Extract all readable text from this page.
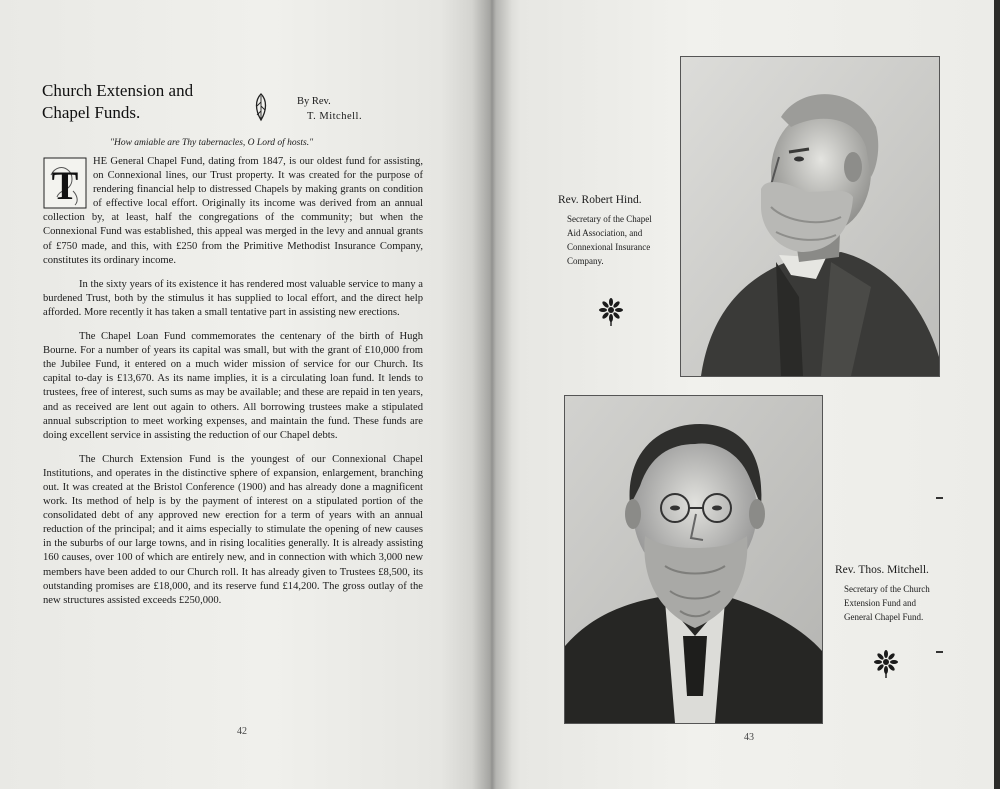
Church Extension and
Chapel Funds.
By Rev.
T. Mitchell.
"How amiable are Thy tabernacles, O Lord of hosts."

T
HE General Chapel Fund, dating from 1847, is our oldest fund for assisting, on Connexional lines, our Trust property. It was created for the purpose of rendering financial help to distressed Chapels by making grants on condition of effective local effort. Originally its income was derived from an annual collection by, at least, half the congregations of the community; but when the Connexional Fund was established, this appeal was merged in the levy and annual grants of £750 made, and this, with £250 from the Primitive Methodist Insurance Company, constitutes its ordinary income.

In the sixty years of its existence it has rendered most valuable service to many a burdened Trust, both by the stimulus it has supplied to local effort, and the direct help afforded. More recently it has taken a small tentative part in assisting new erections.

The Chapel Loan Fund commemorates the centenary of the birth of Hugh Bourne. For a number of years its capital was small, but with the grant of £10,000 from the Jubilee Fund, it entered on a much wider mission of service for our Church. Its capital to-day is £13,670. As its name implies, it is a circulating loan fund. It lends to trustees, free of interest, such sums as may be available; and these are repaid in ten years, and as received are lent out again to others. All borrowing trustees make a stipulated annual subscription to meet working expenses, and maintain the fund. These funds are doing excellent service in assisting the reduction of our Chapel debts.

The Church Extension Fund is the youngest of our Connexional Chapel Institutions, and operates in the distinctive sphere of expansion, enlargement, branching out. It was created at the Bristol Conference (1900) and has already done a magnificent work. Its method of help is by the payment of interest on a stipulated portion of the consolidated debt of any approved new erection for a term of years with an annual reduction of the principal; and it aims especially to stimulate the opening of new causes in the suburbs of our large towns, and in rising localities generally. It is already assisting 160 causes, over 100 of which are entirely new, and in connection with which 3,000 new members have been added to our Church roll. It has already given to Trustees £8,500, its outstanding promises are £18,000, and its reserve fund £14,200. The gross outlay of the new structures assisted exceeds £250,000.

42
Rev. Robert Hind.
Secretary of the Chapel
Aid Association, and
Connexional Insurance
Company.
Rev. Thos. Mitchell.
Secretary of the Church
Extension Fund and
General Chapel Fund.
43
